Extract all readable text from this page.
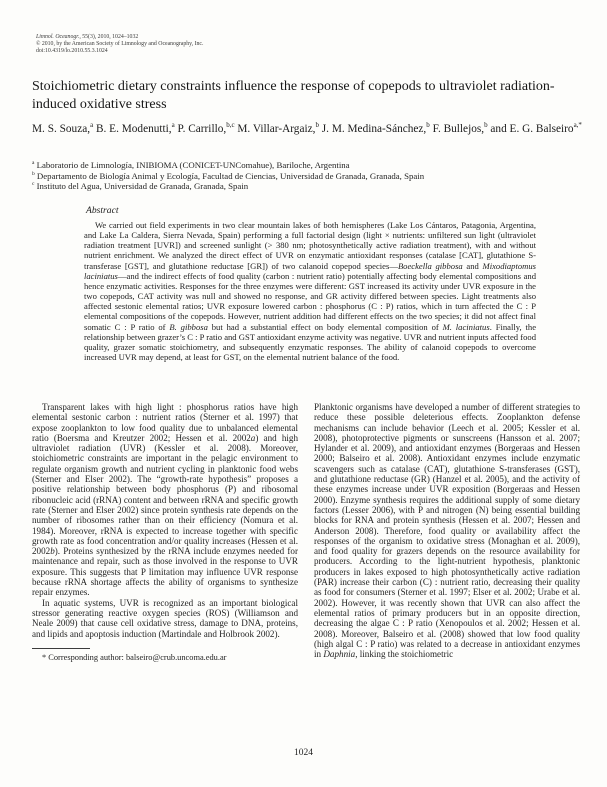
Limnol. Oceanogr., 55(3), 2010, 1024–1032
© 2010, by the American Society of Limnology and Oceanography, Inc.
doi:10.4319/lo.2010.55.3.1024
Stoichiometric dietary constraints influence the response of copepods to ultraviolet radiation-induced oxidative stress
M. S. Souza,$^a$ B. E. Modenutti,$^a$ P. Carrillo,$^{b,c}$ M. Villar-Argaiz,$^b$ J. M. Medina-Sánchez,$^b$ F. Bullejos,$^b$ and E. G. Balseiro$^{a,*}$
$^a$ Laboratorio de Limnología, INIBIOMA (CONICET-UNComahue), Bariloche, Argentina
$^b$ Departamento de Biología Animal y Ecología, Facultad de Ciencias, Universidad de Granada, Granada, Spain
$^c$ Instituto del Agua, Universidad de Granada, Granada, Spain
Abstract

We carried out field experiments in two clear mountain lakes of both hemispheres (Lake Los Cántaros, Patagonia, Argentina, and Lake La Caldera, Sierra Nevada, Spain) performing a full factorial design (light × nutrients: unfiltered sun light (ultraviolet radiation treatment [UVR]) and screened sunlight (> 380 nm; photosynthetically active radiation treatment), with and without nutrient enrichment. We analyzed the direct effect of UVR on enzymatic antioxidant responses (catalase [CAT], glutathione S-transferase [GST], and glutathione reductase [GR]) of two calanoid copepod species—Boeckella gibbosa and Mixodiaptomus laciniatus—and the indirect effects of food quality (carbon : nutrient ratio) potentially affecting body elemental compositions and hence enzymatic activities. Responses for the three enzymes were different: GST increased its activity under UVR exposure in the two copepods, CAT activity was null and showed no response, and GR activity differed between species. Light treatments also affected sestonic elemental ratios; UVR exposure lowered carbon : phosphorus (C : P) ratios, which in turn affected the C : P elemental compositions of the copepods. However, nutrient addition had different effects on the two species; it did not affect final somatic C : P ratio of B. gibbosa but had a substantial effect on body elemental composition of M. laciniatus. Finally, the relationship between grazer’s C : P ratio and GST antioxidant enzyme activity was negative. UVR and nutrient inputs affected food quality, grazer somatic stoichiometry, and subsequently enzymatic responses. The ability of calanoid copepods to overcome increased UVR may depend, at least for GST, on the elemental nutrient balance of the food.

Transparent lakes with high light : phosphorus ratios have high elemental sestonic carbon : nutrient ratios (Sterner et al. 1997) that expose zooplankton to low food quality due to unbalanced elemental ratio (Boersma and Kreutzer 2002; Hessen et al. 2002a) and high ultraviolet radiation (UVR) (Kessler et al. 2008). Moreover, stoichiometric constraints are important in the pelagic environment to regulate organism growth and nutrient cycling in planktonic food webs (Sterner and Elser 2002). The “growth-rate hypothesis” proposes a positive relationship between body phosphorus (P) and ribosomal ribonucleic acid (rRNA) content and between rRNA and specific growth rate (Sterner and Elser 2002) since protein synthesis rate depends on the number of ribosomes rather than on their efficiency (Nomura et al. 1984). Moreover, rRNA is expected to increase together with specific growth rate as food concentration and/or quality increases (Hessen et al. 2002b). Proteins synthesized by the rRNA include enzymes needed for maintenance and repair, such as those involved in the response to UVR exposure. This suggests that P limitation may influence UVR response because rRNA shortage affects the ability of organisms to synthesize repair enzymes.

In aquatic systems, UVR is recognized as an important biological stressor generating reactive oxygen species (ROS) (Williamson and Neale 2009) that cause cell oxidative stress, damage to DNA, proteins, and lipids and apoptosis induction (Martindale and Holbrook 2002).

* Corresponding author: balseiro@crub.uncoma.edu.ar

Planktonic organisms have developed a number of different strategies to reduce these possible deleterious effects. Zooplankton defense mechanisms can include behavior (Leech et al. 2005; Kessler et al. 2008), photoprotective pigments or sunscreens (Hansson et al. 2007; Hylander et al. 2009), and antioxidant enzymes (Borgeraas and Hessen 2000; Balseiro et al. 2008). Antioxidant enzymes include enzymatic scavengers such as catalase (CAT), glutathione S-transferases (GST), and glutathione reductase (GR) (Hanzel et al. 2005), and the activity of these enzymes increase under UVR exposition (Borgeraas and Hessen 2000). Enzyme synthesis requires the additional supply of some dietary factors (Lesser 2006), with P and nitrogen (N) being essential building blocks for RNA and protein synthesis (Hessen et al. 2007; Hessen and Anderson 2008). Therefore, food quality or availability affect the responses of the organism to oxidative stress (Monaghan et al. 2009), and food quality for grazers depends on the resource availability for producers. According to the light-nutrient hypothesis, planktonic producers in lakes exposed to high photosynthetically active radiation (PAR) increase their carbon (C) : nutrient ratio, decreasing their quality as food for consumers (Sterner et al. 1997; Elser et al. 2002; Urabe et al. 2002). However, it was recently shown that UVR can also affect the elemental ratios of primary producers but in an opposite direction, decreasing the algae C : P ratio (Xenopoulos et al. 2002; Hessen et al. 2008). Moreover, Balseiro et al. (2008) showed that low food quality (high algal C : P ratio) was related to a decrease in antioxidant enzymes in Daphnia, linking the stoichiometric

1024
